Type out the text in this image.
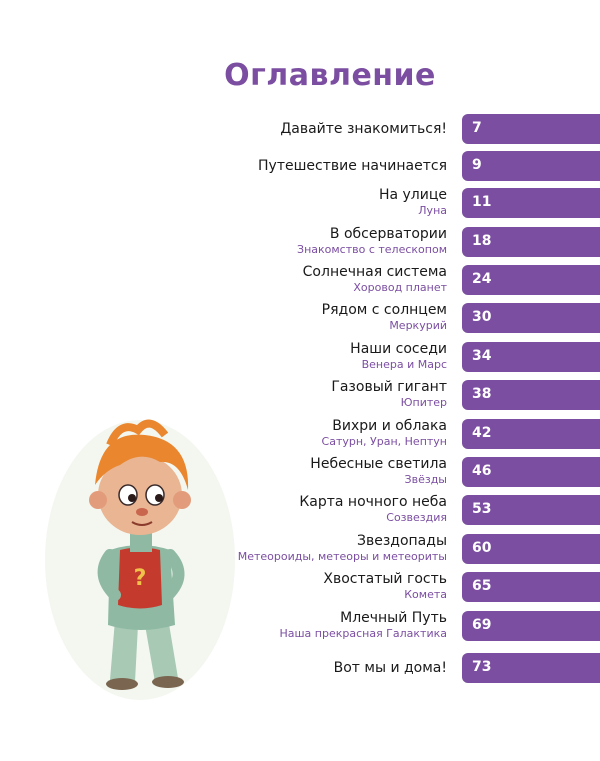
Оглавление
?
Давайте знакомиться! 7
Путешествие начинается 9
На улице
Луна
11
В обсерватории
Знакомство с телескопом
18
Солнечная система
Хоровод планет
24
Рядом с солнцем
Меркурий
30
Наши соседи
Венера и Марс
34
Газовый гигант
Юпитер
38
Вихри и облака
Сатурн, Уран, Нептун
42
Небесные светила
Звёзды
46
Карта ночного неба
Созвездия
53
Звездопады
Метеороиды, метеоры и метеориты
60
Хвостатый гость
Комета
65
Млечный Путь
Наша прекрасная Галактика
69
Вот мы и дома! 73
